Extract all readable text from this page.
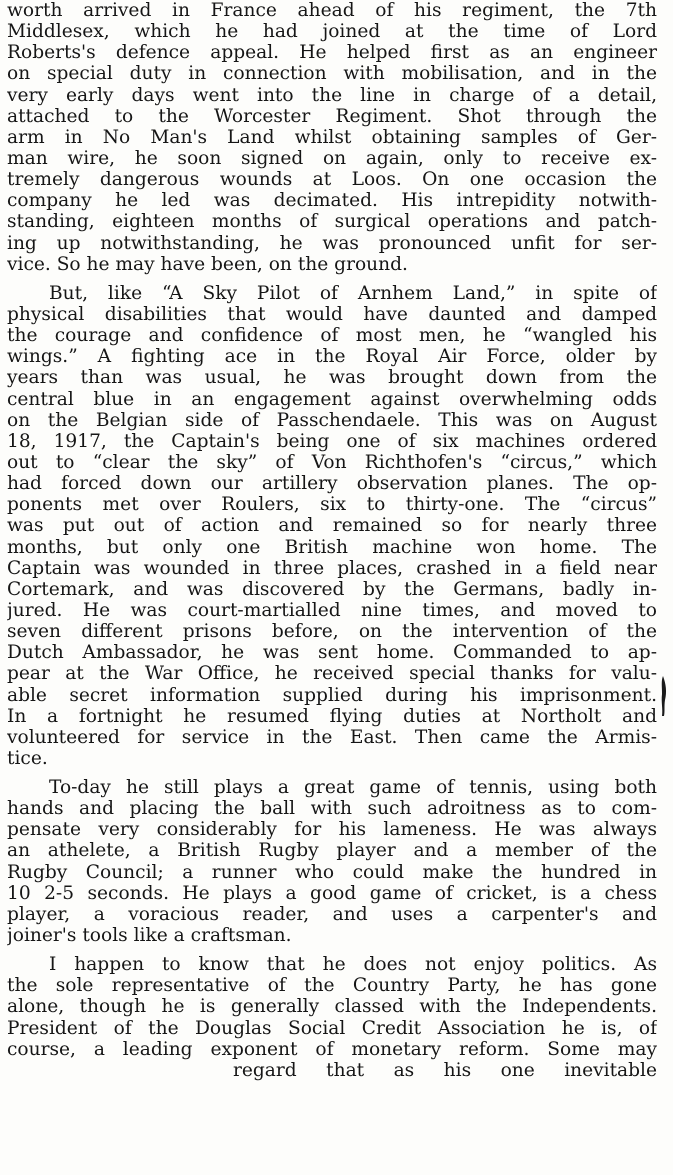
worth arrived in France ahead of his regiment, the 7th
Middlesex, which he had joined at the time of Lord
Roberts's defence appeal. He helped first as an engineer
on special duty in connection with mobilisation, and in the
very early days went into the line in charge of a detail,
attached to the Worcester Regiment. Shot through the
arm in No Man's Land whilst obtaining samples of Ger-
man wire, he soon signed on again, only to receive ex-
tremely dangerous wounds at Loos. On one occasion the
company he led was decimated. His intrepidity notwith-
standing, eighteen months of surgical operations and patch-
ing up notwithstanding, he was pronounced unfit for ser-
vice. So he may have been, on the ground.
But, like “A Sky Pilot of Arnhem Land,” in spite of
physical disabilities that would have daunted and damped
the courage and confidence of most men, he “wangled his
wings.” A fighting ace in the Royal Air Force, older by
years than was usual, he was brought down from the
central blue in an engagement against overwhelming odds
on the Belgian side of Passchendaele. This was on August
18, 1917, the Captain's being one of six machines ordered
out to “clear the sky” of Von Richthofen's “circus,” which
had forced down our artillery observation planes. The op-
ponents met over Roulers, six to thirty-one. The “circus”
was put out of action and remained so for nearly three
months, but only one British machine won home. The
Captain was wounded in three places, crashed in a field near
Cortemark, and was discovered by the Germans, badly in-
jured. He was court-martialled nine times, and moved to
seven different prisons before, on the intervention of the
Dutch Ambassador, he was sent home. Commanded to ap-
pear at the War Office, he received special thanks for valu-
able secret information supplied during his imprisonment.
In a fortnight he resumed flying duties at Northolt and
volunteered for service in the East. Then came the Armis-
tice.
To-day he still plays a great game of tennis, using both
hands and placing the ball with such adroitness as to com-
pensate very considerably for his lameness. He was always
an athelete, a British Rugby player and a member of the
Rugby Council; a runner who could make the hundred in
10 2-5 seconds. He plays a good game of cricket, is a chess
player, a voracious reader, and uses a carpenter's and
joiner's tools like a craftsman.
I happen to know that he does not enjoy politics. As
the sole representative of the Country Party, he has gone
alone, though he is generally classed with the Independents.
President of the Douglas Social Credit Association he is, of
course, a leading exponent of monetary reform. Some may
regard that as his one inevitable
